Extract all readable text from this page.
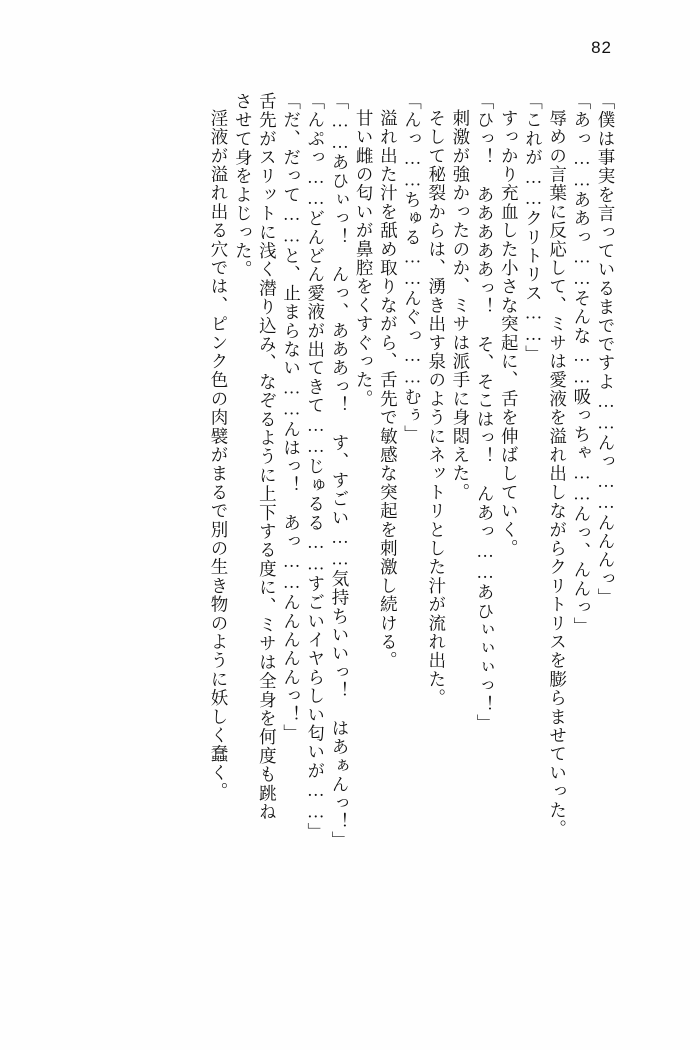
82
「僕は事実を言っているまでですよ……んっ……んんんっ」
「あっ……ああっ……そんな……吸っちゃ……んっ、んんっ」
辱めの言葉に反応して、ミサは愛液を溢れ出しながらクリトリスを膨らませていった。
「これが……クリトリス……」
すっかり充血した小さな突起に、舌を伸ばしていく。
「ひっ！　あああああっ！　そ、そこはっ！　んあっ……あひぃぃぃっ！」
刺激が強かったのか、ミサは派手に身悶えた。
そして秘裂からは、湧き出す泉のようにネットリとした汁が流れ出た。
「んっ……ちゅる……んぐっ……むぅ」
溢れ出た汁を舐め取りながら、舌先で敏感な突起を刺激し続ける。
甘い雌の匂いが鼻腔をくすぐった。
「……あひぃっ！　んっ、あああっ！　す、すごい……気持ちいいっ！　はあぁんっ！」
「んぷっ……どんどん愛液が出てきて……じゅるる……すごいイヤらしい匂いが……」
「だ、だって……と、止まらない……んはっ！　あっ……んんんんんっ！」
舌先がスリットに浅く潜り込み、なぞるように上下する度に、ミサは全身を何度も跳ね
させて身をよじった。
淫液が溢れ出る穴では、ピンク色の肉襞がまるで別の生き物のように妖しく蠢く。
